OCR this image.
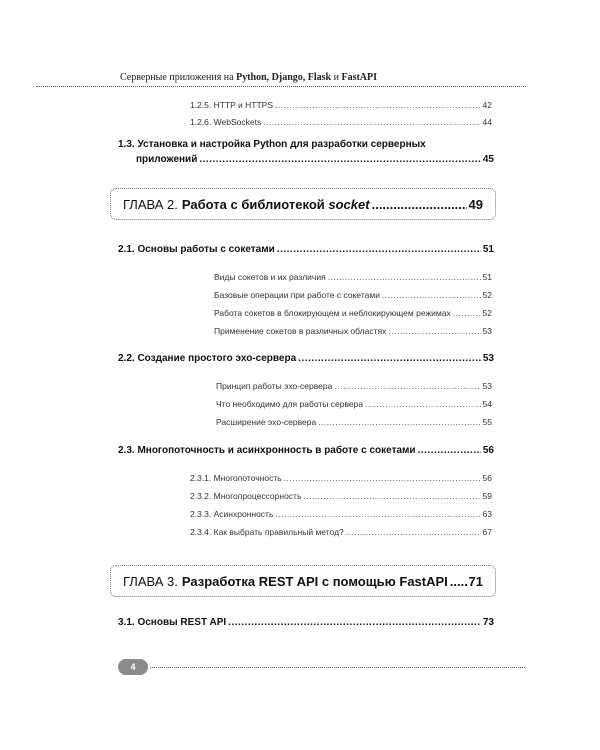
Серверные приложения на Python, Django, Flask и FastAPI
1.2.5. HTTP и HTTPS .....	42
1.2.6. WebSockets .....	44
1.3. Установка и настройка Python для разработки серверных
приложений .....	45
ГЛАВА 2. Работа с библиотекой socket .....	49
2.1. Основы работы с сокетами .....	51
Виды сокетов и их различия .....	51
Базовые операции при работе с сокетами .....	52
Работа сокетов в блокирующем и неблокирующем режимах .....	52
Применение сокетов в различных областях .....	53
2.2. Создание простого эхо-сервера .....	53
Принцип работы эхо-сервера .....	53
Что необходимо для работы сервера .....	54
Расширение эхо-сервера .....	55
2.3. Многопоточность и асинхронность в работе с сокетами .....	56
2.3.1. Многопоточность .....	56
2.3.2. Многопроцессорность .....	59
2.3.3. Асинхронность .....	63
2.3.4. Как выбрать правильный метод? .....	67
ГЛАВА 3. Разработка REST API с помощью FastAPI ..... 71
3.1. Основы REST API .....	73
4
